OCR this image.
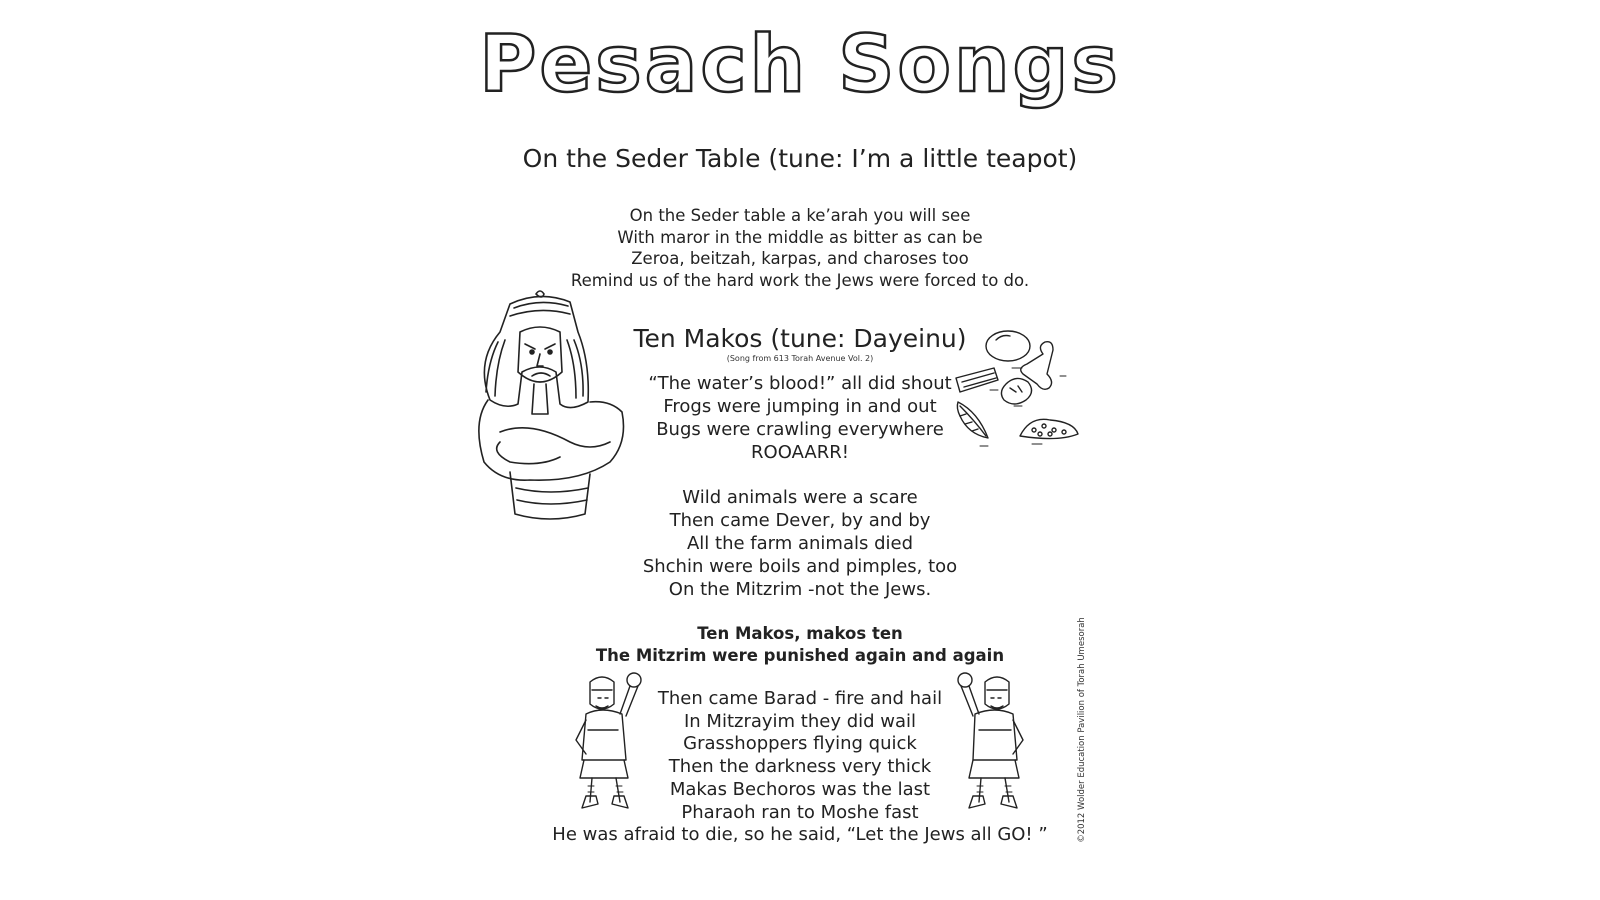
Pesach Songs
On the Seder Table (tune: I’m a little teapot)
On the Seder table a ke’arah you will see
With maror in the middle as bitter as can be
Zeroa, beitzah, karpas, and charoses too
Remind us of the hard work the Jews were forced to do.
Ten Makos (tune: Dayeinu)
(Song from 613 Torah Avenue Vol. 2)
“The water’s blood!” all did shout
Frogs were jumping in and out
Bugs were crawling everywhere
ROOAARR!
Wild animals were a scare
Then came Dever, by and by
All the farm animals died
Shchin were boils and pimples, too
On the Mitzrim -not the Jews.
Ten Makos, makos ten
The Mitzrim were punished again and again
Then came Barad - fire and hail
In Mitzrayim they did wail
Grasshoppers flying quick
Then the darkness very thick
Makas Bechoros was the last
Pharaoh ran to Moshe fast
He was afraid to die, so he said, “Let the Jews all GO! ”	©2012 Wolder Education Pavilion of Torah Umesorah
